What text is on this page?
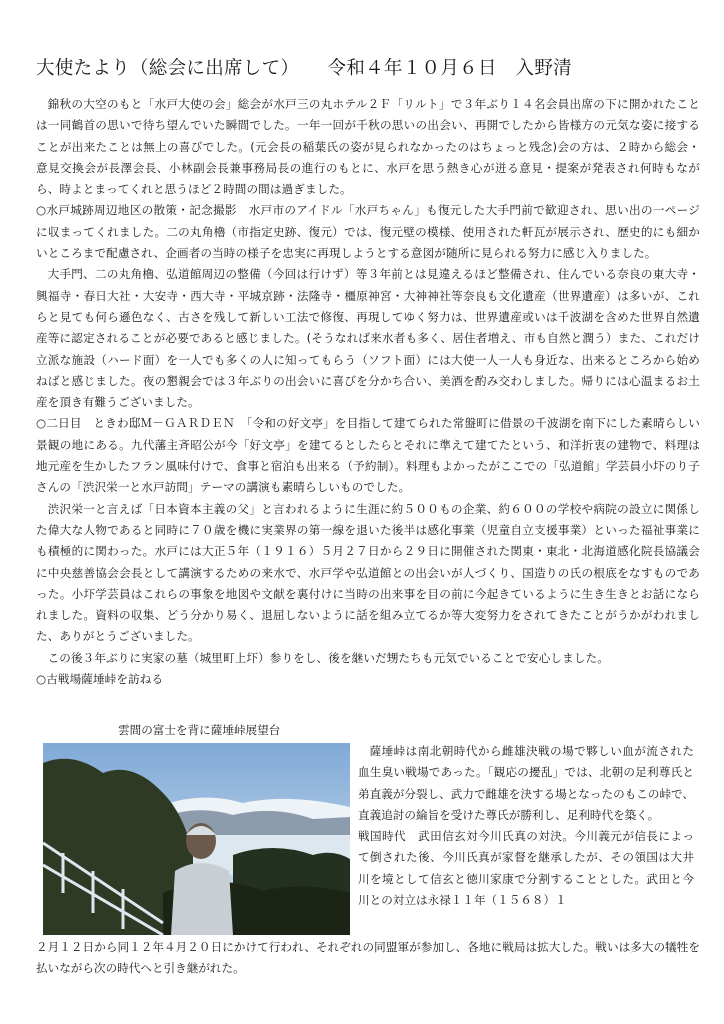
大使たより（総会に出席して）　　令和４年１０月６日　入野清

錦秋の大空のもと「水戸大使の会」総会が水戸三の丸ホテル２Ｆ「リルト」で３年ぶり１４名会員出席の下に開かれたことは一同鶴首の思いで待ち望んでいた瞬間でした。一年一回が千秋の思いの出会い、再開でしたから皆様方の元気な姿に接することが出来たことは無上の喜びでした。(元会長の稲葉氏の姿が見られなかったのはちょっと残念)会の方は、２時から総会・意見交換会が長澤会長、小林副会長兼事務局長の進行のもとに、水戸を思う熱き心が迸る意見・提案が発表され何時もながら、時よとまってくれと思うほど２時間の間は過ぎました。

○水戸城跡周辺地区の散策・記念撮影　水戸市のアイドル「水戸ちゃん」も復元した大手門前で歓迎され、思い出の一ページに収まってくれました。二の丸角櫓（市指定史跡、復元）では、復元壁の模様、使用された軒瓦が展示され、歴史的にも細かいところまで配慮され、企画者の当時の様子を忠実に再現しようとする意図が随所に見られる努力に感じ入りました。

大手門、二の丸角櫓、弘道館周辺の整備（今回は行けず）等３年前とは見違えるほど整備され、住んでいる奈良の東大寺・興福寺・春日大社・大安寺・西大寺・平城京跡・法隆寺・橿原神宮・大神神社等奈良も文化遺産（世界遺産）は多いが、これらと見ても何ら遜色なく、古さを残して新しい工法で修復、再現してゆく努力は、世界遺産或いは千波湖を含めた世界自然遺産等に認定されることが必要であると感じました。(そうなれば来水者も多く、居住者増え、市も自然と潤う）また、これだけ立派な施設（ハード面）を一人でも多くの人に知ってもらう（ソフト面）には大使一人一人も身近な、出来るところから始めねばと感じました。夜の懇親会では３年ぶりの出会いに喜びを分かち合い、美酒を酌み交わしました。帰りには心温まるお土産を頂き有難うございました。

○二日目　ときわ邸Ｍ－ＧＡＲＤＥＮ　「令和の好文亭」を目指して建てられた常盤町に借景の千波湖を南下にした素晴らしい景観の地にある。九代藩主斉昭公が今「好文亭」を建てるとしたらとそれに準えて建てたという、和洋折衷の建物で、料理は地元産を生かしたフラン風味付けで、食事と宿泊も出来る（予約制）。料理もよかったがここでの「弘道館」学芸員小圷のり子さんの「渋沢栄一と水戸訪問」テーマの講演も素晴らしいものでした。

渋沢栄一と言えば「日本資本主義の父」と言われるように生涯に約５００もの企業、約６００の学校や病院の設立に関係した偉大な人物であると同時に７０歳を機に実業界の第一線を退いた後半は感化事業（児童自立支援事業）といった福祉事業にも積極的に関わった。水戸には大正５年（１９１６）５月２７日から２９日に開催された関東・東北・北海道感化院長協議会に中央慈善協会会長として講演するための来水で、水戸学や弘道館との出会いが人づくり、国造りの氏の根底をなすものであった。小圷学芸員はこれらの事象を地図や文献を裏付けに当時の出来事を目の前に今起きているように生き生きとお話になられました。資料の収集、どう分かり易く、退屈しないように話を組み立てるか等大変努力をされてきたことがうかがわれました、ありがとうございました。

この後３年ぶりに実家の墓（城里町上圷）参りをし、後を継いだ甥たちも元気でいることで安心しました。

○古戦場薩埵峠を訪ねる

雲間の富士を背に薩埵峠展望台

薩埵峠は南北朝時代から雌雄決戦の場で夥しい血が流された血生臭い戦場であった。「観応の擾乱」では、北朝の足利尊氏と弟直義が分裂し、武力で雌雄を決する場となったのもこの峠で、直義追討の綸旨を受けた尊氏が勝利し、足利時代を築く。

戦国時代　武田信玄対今川氏真の対決。今川義元が信長によって倒された後、今川氏真が家督を継承したが、その領国は大井川を境として信玄と徳川家康で分割することとした。武田と今川との対立は永禄１１年（１５６８）１

２月１２日から同１２年４月２０日にかけて行われ、それぞれの同盟軍が参加し、各地に戦局は拡大した。戦いは多大の犠牲を払いながら次の時代へと引き継がれた。
